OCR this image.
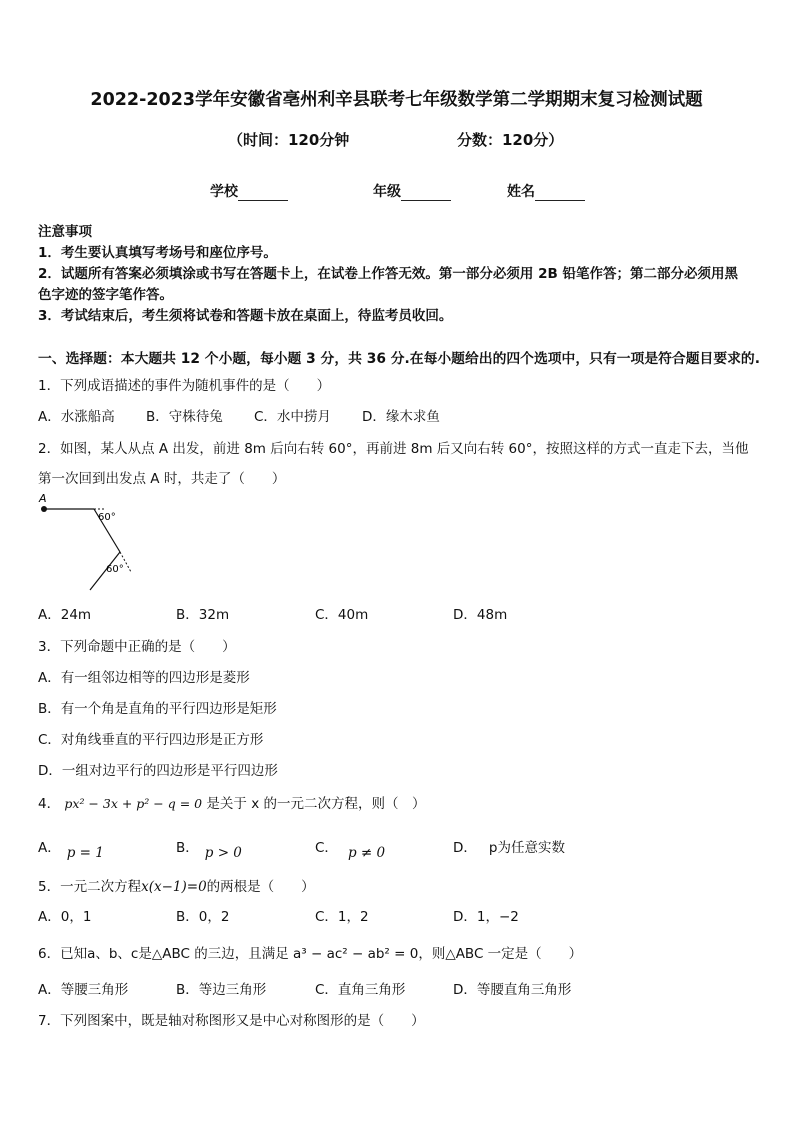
2022-2023学年安徽省亳州利辛县联考七年级数学第二学期期末复习检测试题
（时间：120分钟	分数：120分）
学校	年级	姓名
注意事项
1．考生要认真填写考场号和座位序号。
2．试题所有答案必须填涂或书写在答题卡上，在试卷上作答无效。第一部分必须用 2B 铅笔作答；第二部分必须用黑
色字迹的签字笔作答。
3．考试结束后，考生须将试卷和答题卡放在桌面上，待监考员收回。
一、选择题：本大题共 12 个小题，每小题 3 分，共 36 分.在每小题给出的四个选项中，只有一项是符合题目要求的.
1．下列成语描述的事件为随机事件的是（　　）
A．水涨船高 B．守株待兔 C．水中捞月 D．缘木求鱼
2．如图，某人从点 A 出发，前进 8m 后向右转 60°，再前进 8m 后又向右转 60°，按照这样的方式一直走下去，当他
第一次回到出发点 A 时，共走了（　　）
A
60°
60°
A．24m	B．32m	C．40m	D．48m
3．下列命题中正确的是（　　）
A．有一组邻边相等的四边形是菱形
B．有一个角是直角的平行四边形是矩形
C．对角线垂直的平行四边形是正方形
D．一组对边平行的四边形是平行四边形
4． px² − 3x + p² − q = 0 是关于 x 的一元二次方程，则（　）
A． p = 1	B． p > 0	C． p ≠ 0	D． p为任意实数
5．一元二次方程x(x−1)=0的两根是（　　）
A．0，1	B．0，2	C．1，2	D．1，−2
6．已知a、b、c是△ABC 的三边，且满足 a³ − ac² − ab² = 0，则△ABC 一定是（　　）
A．等腰三角形	B．等边三角形	C．直角三角形	D．等腰直角三角形
7．下列图案中，既是轴对称图形又是中心对称图形的是（　　）
